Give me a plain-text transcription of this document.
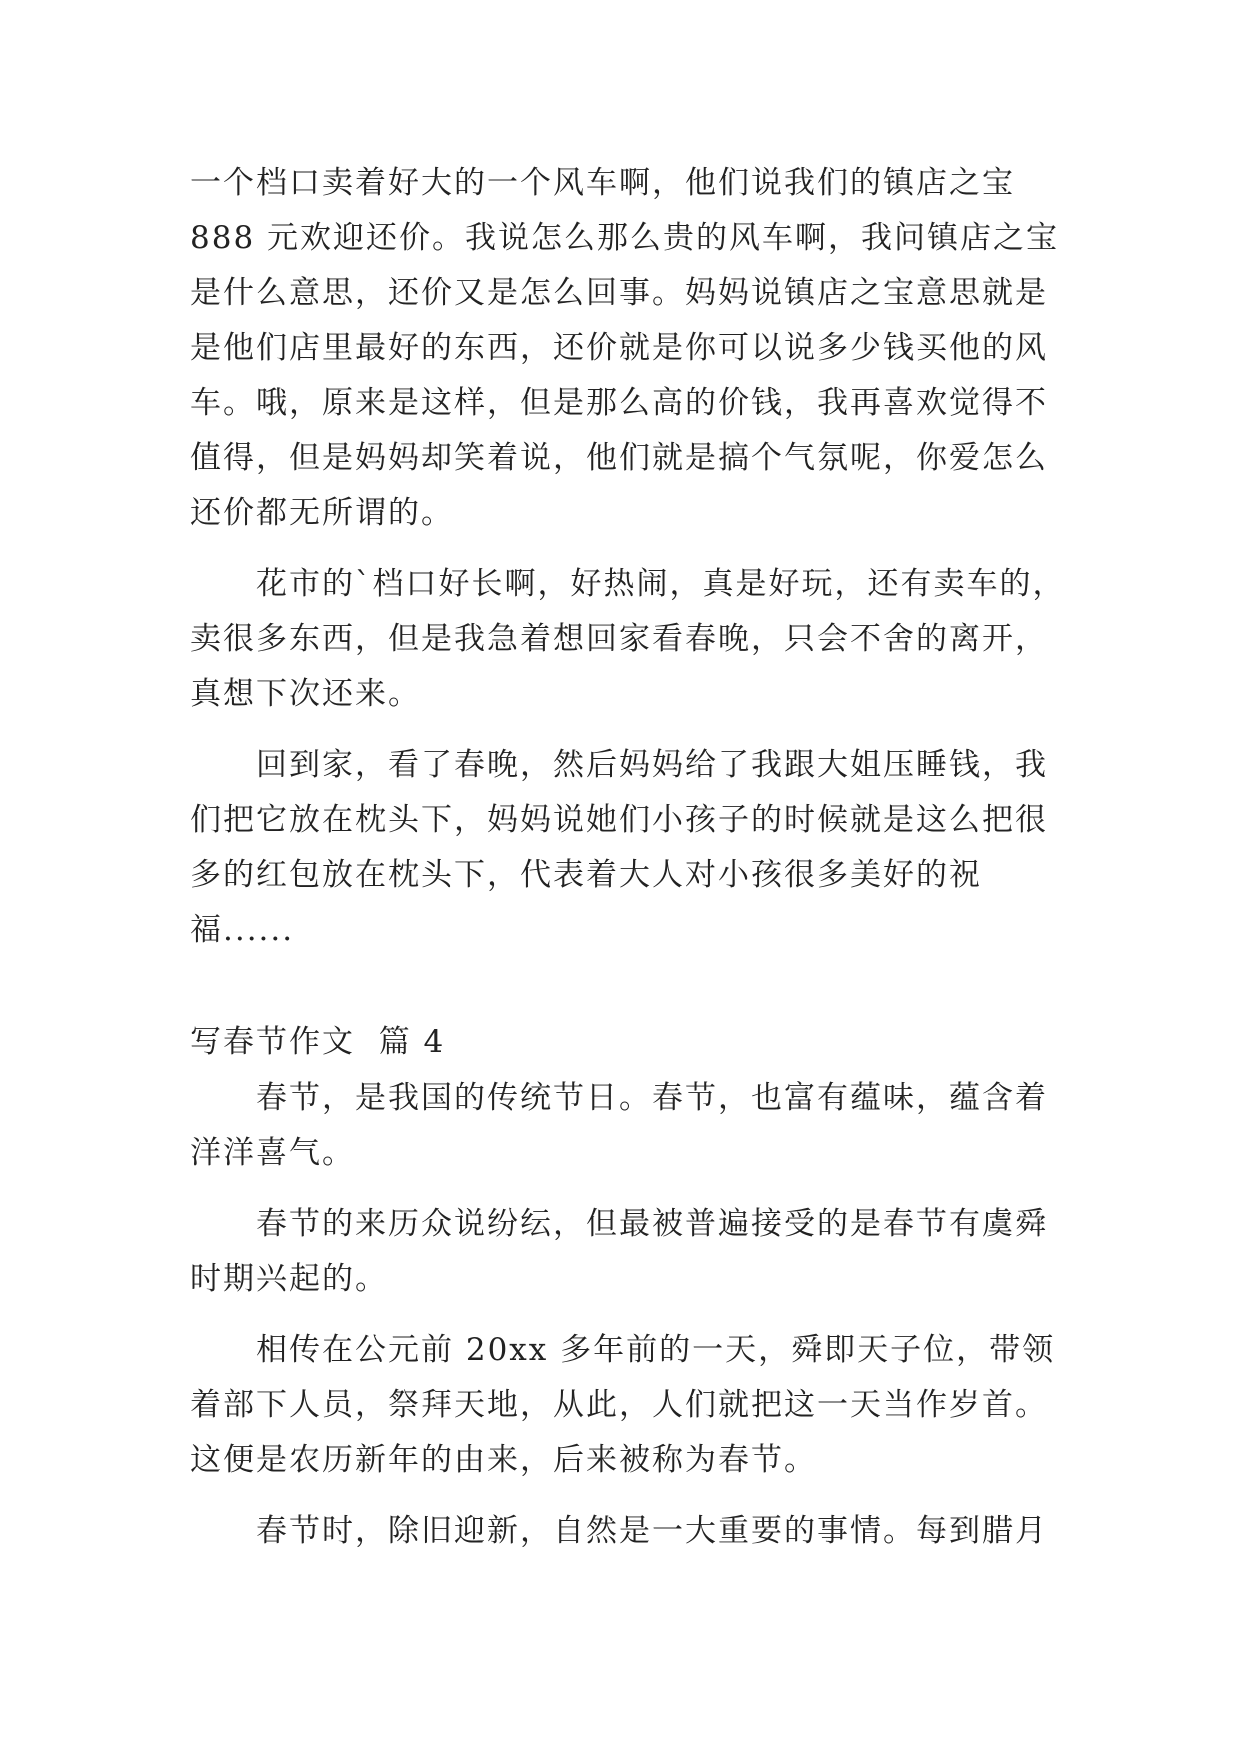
一个档口卖着好大的一个风车啊，他们说我们的镇店之宝
888 元欢迎还价。我说怎么那么贵的风车啊，我问镇店之宝
是什么意思，还价又是怎么回事。妈妈说镇店之宝意思就是
是他们店里最好的东西，还价就是你可以说多少钱买他的风
车。哦，原来是这样，但是那么高的价钱，我再喜欢觉得不
值得，但是妈妈却笑着说，他们就是搞个气氛呢，你爱怎么
还价都无所谓的。
花市的`档口好长啊，好热闹，真是好玩，还有卖车的，
卖很多东西，但是我急着想回家看春晚，只会不舍的离开，
真想下次还来。
回到家，看了春晚，然后妈妈给了我跟大姐压睡钱，我
们把它放在枕头下，妈妈说她们小孩子的时候就是这么把很
多的红包放在枕头下，代表着大人对小孩很多美好的祝
福......
写春节作文  篇 4
春节，是我国的传统节日。春节，也富有蕴味，蕴含着
洋洋喜气。
春节的来历众说纷纭，但最被普遍接受的是春节有虞舜
时期兴起的。
相传在公元前 20xx 多年前的一天，舜即天子位，带领
着部下人员，祭拜天地，从此，人们就把这一天当作岁首。
这便是农历新年的由来，后来被称为春节。
春节时，除旧迎新，自然是一大重要的事情。每到腊月
